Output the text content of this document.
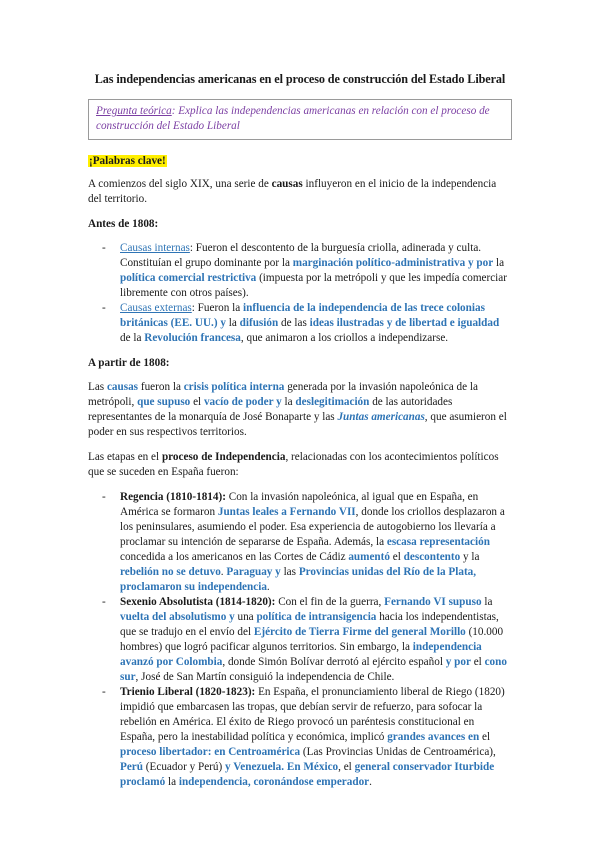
Las independencias americanas en el proceso de construcción del Estado Liberal
Pregunta teórica: Explica las independencias americanas en relación con el proceso de construcción del Estado Liberal
¡Palabras clave!

A comienzos del siglo XIX, una serie de causas influyeron en el inicio de la independencia del territorio.

Antes de 1808:

- Causas internas: Fueron el descontento de la burguesía criolla, adinerada y culta. Constituían el grupo dominante por la marginación político-administrativa y por la política comercial restrictiva (impuesta por la metrópoli y que les impedía comerciar libremente con otros países).
- Causas externas: Fueron la influencia de la independencia de las trece colonias británicas (EE. UU.) y la difusión de las ideas ilustradas y de libertad e igualdad de la Revolución francesa, que animaron a los criollos a independizarse.

A partir de 1808:

Las causas fueron la crisis política interna generada por la invasión napoleónica de la metrópoli, que supuso el vacío de poder y la deslegitimación de las autoridades representantes de la monarquía de José Bonaparte y las Juntas americanas, que asumieron el poder en sus respectivos territorios.

Las etapas en el proceso de Independencia, relacionadas con los acontecimientos políticos que se suceden en España fueron:

- Regencia (1810-1814): Con la invasión napoleónica, al igual que en España, en América se formaron Juntas leales a Fernando VII, donde los criollos desplazaron a los peninsulares, asumiendo el poder. Esa experiencia de autogobierno los llevaría a proclamar su intención de separarse de España. Además, la escasa representación concedida a los americanos en las Cortes de Cádiz aumentó el descontento y la rebelión no se detuvo. Paraguay y las Provincias unidas del Río de la Plata, proclamaron su independencia.
- Sexenio Absolutista (1814-1820): Con el fin de la guerra, Fernando VI supuso la vuelta del absolutismo y una política de intransigencia hacia los independentistas, que se tradujo en el envío del Ejército de Tierra Firme del general Morillo (10.000 hombres) que logró pacificar algunos territorios. Sin embargo, la independencia avanzó por Colombia, donde Simón Bolívar derrotó al ejército español y por el cono sur, José de San Martín consiguió la independencia de Chile.
- Trienio Liberal (1820-1823): En España, el pronunciamiento liberal de Riego (1820) impidió que embarcasen las tropas, que debían servir de refuerzo, para sofocar la rebelión en América. El éxito de Riego provocó un paréntesis constitucional en España, pero la inestabilidad política y económica, implicó grandes avances en el proceso libertador: en Centroamérica (Las Provincias Unidas de Centroamérica), Perú (Ecuador y Perú) y Venezuela. En México, el general conservador Iturbide proclamó la independencia, coronándose emperador.
